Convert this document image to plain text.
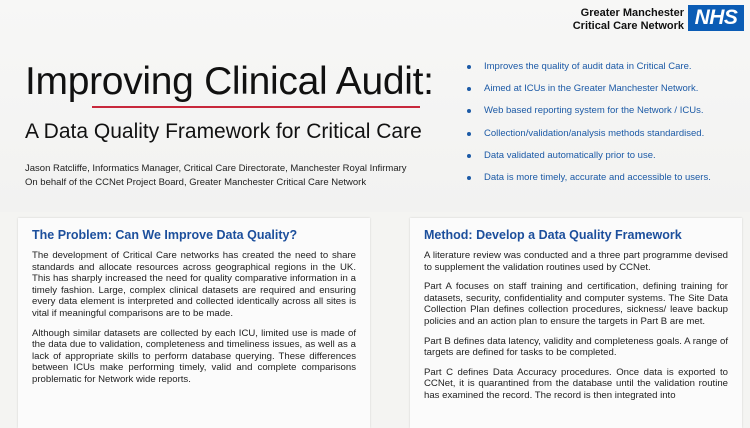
Greater Manchester
Critical Care Network NHS
Improving Clinical Audit:
A Data Quality Framework for Critical Care
Jason Ratcliffe, Informatics Manager, Critical Care Directorate, Manchester Royal Infirmary
On behalf of the CCNet Project Board, Greater Manchester Critical Care Network
Improves the quality of audit data in Critical Care.
Aimed at ICUs in the Greater Manchester Network.
Web based reporting system for the Network / ICUs.
Collection/validation/analysis methods standardised.
Data validated automatically prior to use.
Data is more timely, accurate and accessible to users.
The Problem: Can We Improve Data Quality?

The development of Critical Care networks has created the need to share standards and allocate resources across geographical regions in the UK. This has sharply increased the need for quality comparative information in a timely fashion. Large, complex clinical datasets are required and ensuring every data element is interpreted and collected identically across all sites is vital if meaningful comparisons are to be made.

Although similar datasets are collected by each ICU, limited use is made of the data due to validation, completeness and timeliness issues, as well as a lack of appropriate skills to perform database querying. These differences between ICUs make performing timely, valid and complete comparisons problematic for Network wide reports.

Method: Develop a Data Quality Framework

A literature review was conducted and a three part programme devised to supplement the validation routines used by CCNet.

Part A focuses on staff training and certification, defining training for datasets, security, confidentiality and computer systems. The Site Data Collection Plan defines collection procedures, sickness/ leave backup policies and an action plan to ensure the targets in Part B are met.

Part B defines data latency, validity and completeness goals. A range of targets are defined for tasks to be completed.

Part C defines Data Accuracy procedures. Once data is exported to CCNet, it is quarantined from the database until the validation routine has examined the record. The record is then integrated into
